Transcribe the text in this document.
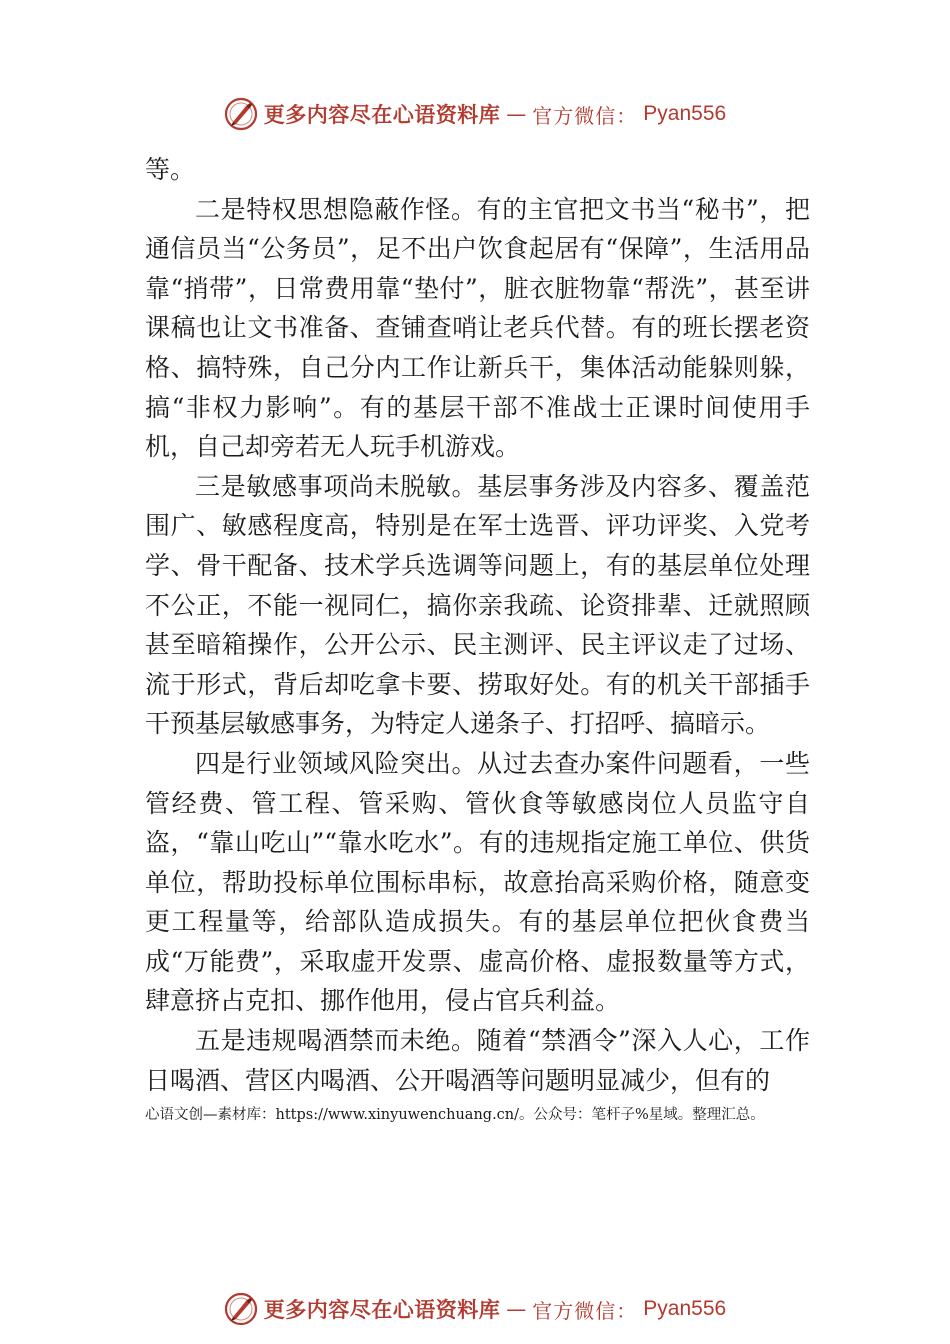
更多内容尽在心语资料库 — 官方微信： Pyan556

等。

二是特权思想隐蔽作怪。有的主官把文书当“秘书”，把通信员当“公务员”，足不出户饮食起居有“保障”，生活用品靠“捎带”，日常费用靠“垫付”，脏衣脏物靠“帮洗”，甚至讲课稿也让文书准备、查铺查哨让老兵代替。有的班长摆老资格、搞特殊，自己分内工作让新兵干，集体活动能躲则躲，搞“非权力影响”。有的基层干部不准战士正课时间使用手机，自己却旁若无人玩手机游戏。

三是敏感事项尚未脱敏。基层事务涉及内容多、覆盖范围广、敏感程度高，特别是在军士选晋、评功评奖、入党考学、骨干配备、技术学兵选调等问题上，有的基层单位处理不公正，不能一视同仁，搞你亲我疏、论资排辈、迁就照顾甚至暗箱操作，公开公示、民主测评、民主评议走了过场、 流于形式，背后却吃拿卡要、捞取好处。有的机关干部插手干预基层敏感事务，为特定人递条子、打招呼、搞暗示。

四是行业领域风险突出。从过去查办案件问题看，一些管经费、管工程、管采购、管伙食等敏感岗位人员监守自盗，“靠山吃山”“靠水吃水”。有的违规指定施工单位、供货单位，帮助投标单位围标串标，故意抬高采购价格，随意变更工程量等，给部队造成损失。有的基层单位把伙食费当成“万能费”，采取虚开发票、虚高价格、虚报数量等方式，肆意挤占克扣、挪作他用，侵占官兵利益。

五是违规喝酒禁而未绝。随着“禁酒令”深入人心，工作日喝酒、营区内喝酒、公开喝酒等问题明显减少，但有的

心语文创—素材库：https://www.xinyuwenchuang.cn/。公众号：笔杆子%星域。整理汇总。
更多内容尽在心语资料库 — 官方微信： Pyan556
